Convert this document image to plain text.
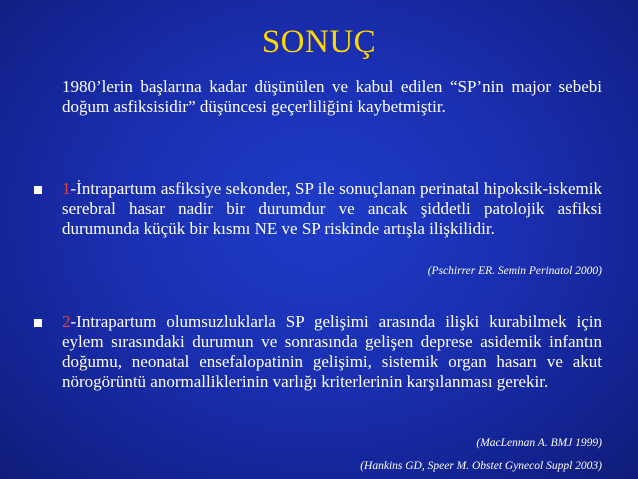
SONUÇ
1980’lerin başlarına kadar düşünülen ve kabul edilen “SP’nin major sebebi doğum asfiksisidir” düşüncesi geçerliliğini kaybetmiştir.
1-İntrapartum asfiksiye sekonder, SP ile sonuçlanan perinatal hipoksik-iskemik serebral hasar nadir bir durumdur ve ancak şiddetli patolojik asfiksi durumunda küçük bir kısmı NE ve SP riskinde artışla ilişkilidir.
(Pschirrer ER. Semin Perinatol 2000)
2-Intrapartum olumsuzluklarla SP gelişimi arasında ilişki kurabilmek için eylem sırasındaki durumun ve sonrasında gelişen deprese asidemik infantın doğumu, neonatal ensefalopatinin gelişimi, sistemik organ hasarı ve akut nörogörüntü anormalliklerinin varlığı kriterlerinin karşılanması gerekir.
(MacLennan A. BMJ 1999)
(Hankins GD, Speer M. Obstet Gynecol Suppl 2003)
